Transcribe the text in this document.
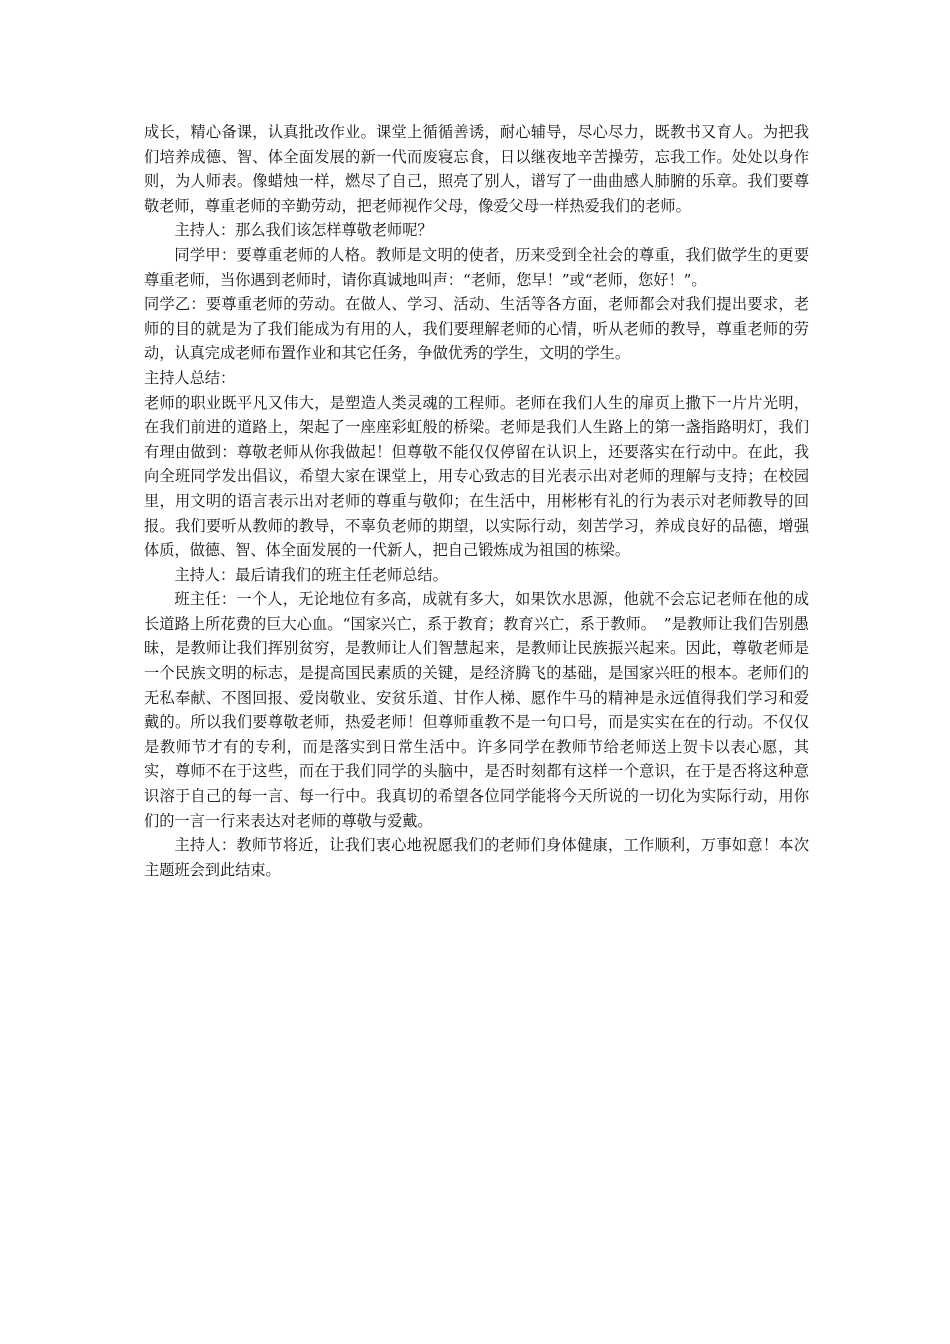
成长，精心备课，认真批改作业。课堂上循循善诱，耐心辅导，尽心尽力，既教书又育人。为把我们培养成德、智、体全面发展的新一代而废寝忘食，日以继夜地辛苦操劳，忘我工作。处处以身作则，为人师表。像蜡烛一样，燃尽了自己，照亮了别人，谱写了一曲曲感人肺腑的乐章。我们要尊敬老师，尊重老师的辛勤劳动，把老师视作父母，像爱父母一样热爱我们的老师。

主持人：那么我们该怎样尊敬老师呢？

同学甲：要尊重老师的人格。教师是文明的使者，历来受到全社会的尊重，我们做学生的更要尊重老师，当你遇到老师时，请你真诚地叫声：“老师，您早！”或“老师，您好！”。

同学乙：要尊重老师的劳动。在做人、学习、活动、生活等各方面，老师都会对我们提出要求，老师的目的就是为了我们能成为有用的人，我们要理解老师的心情，听从老师的教导，尊重老师的劳动，认真完成老师布置作业和其它任务，争做优秀的学生，文明的学生。

主持人总结：

老师的职业既平凡又伟大，是塑造人类灵魂的工程师。老师在我们人生的扉页上撒下一片片光明，在我们前进的道路上，架起了一座座彩虹般的桥梁。老师是我们人生路上的第一盏指路明灯，我们有理由做到：尊敬老师从你我做起！但尊敬不能仅仅停留在认识上，还要落实在行动中。在此，我向全班同学发出倡议，希望大家在课堂上，用专心致志的目光表示出对老师的理解与支持；在校园里，用文明的语言表示出对老师的尊重与敬仰；在生活中，用彬彬有礼的行为表示对老师教导的回报。我们要听从教师的教导，不辜负老师的期望，以实际行动，刻苦学习，养成良好的品德，增强体质，做德、智、体全面发展的一代新人，把自己锻炼成为祖国的栋梁。

主持人：最后请我们的班主任老师总结。

班主任：一个人，无论地位有多高，成就有多大，如果饮水思源，他就不会忘记老师在他的成长道路上所花费的巨大心血。“国家兴亡，系于教育；教育兴亡，系于教师。　”是教师让我们告别愚昧，是教师让我们挥别贫穷，是教师让人们智慧起来，是教师让民族振兴起来。因此，尊敬老师是一个民族文明的标志，是提高国民素质的关键，是经济腾飞的基础，是国家兴旺的根本。老师们的无私奉献、不图回报、爱岗敬业、安贫乐道、甘作人梯、愿作牛马的精神是永远值得我们学习和爱戴的。所以我们要尊敬老师，热爱老师！但尊师重教不是一句口号，而是实实在在的行动。不仅仅是教师节才有的专利，而是落实到日常生活中。许多同学在教师节给老师送上贺卡以表心愿，其实，尊师不在于这些，而在于我们同学的头脑中，是否时刻都有这样一个意识，在于是否将这种意识溶于自己的每一言、每一行中。我真切的希望各位同学能将今天所说的一切化为实际行动，用你们的一言一行来表达对老师的尊敬与爱戴。

主持人：教师节将近，让我们衷心地祝愿我们的老师们身体健康，工作顺利，万事如意！本次主题班会到此结束。
